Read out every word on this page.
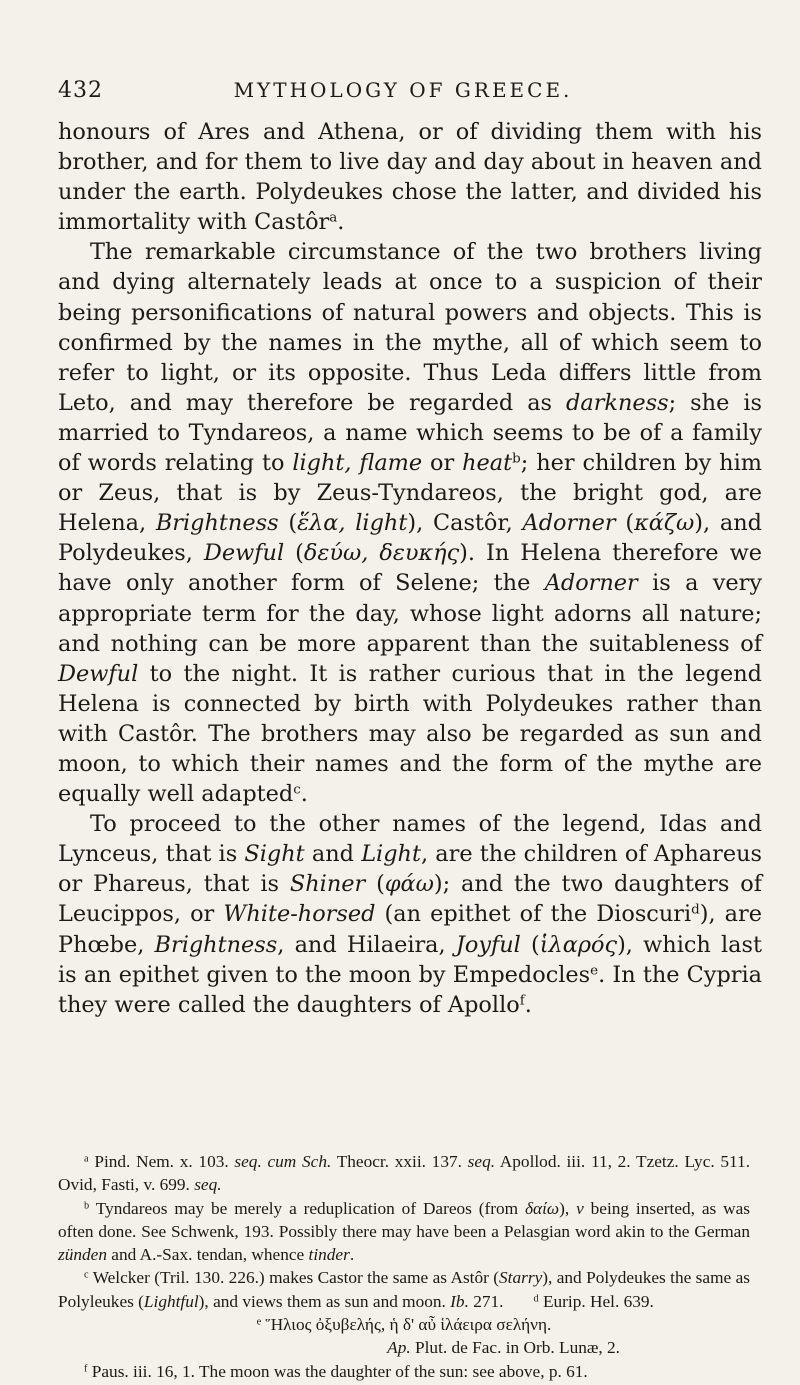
432	MYTHOLOGY OF GREECE.

honours of Ares and Athena, or of dividing them with his brother, and for them to live day and day about in heaven and under the earth. Polydeukes chose the latter, and divided his immortality with Castôr$^a$.

The remarkable circumstance of the two brothers living and dying alternately leads at once to a suspicion of their being personifications of natural powers and objects. This is confirmed by the names in the mythe, all of which seem to refer to light, or its opposite. Thus Leda differs little from Leto, and may therefore be regarded as darkness; she is married to Tyndareos, a name which seems to be of a family of words relating to light, flame or heat$^b$; her children by him or Zeus, that is by Zeus-Tyndareos, the bright god, are Helena, Brightness (ἕλα, light), Castôr, Adorner (κάζω), and Polydeukes, Dewful (δεύω, δευκής). In Helena therefore we have only another form of Selene; the Adorner is a very appropriate term for the day, whose light adorns all nature; and nothing can be more apparent than the suitableness of Dewful to the night. It is rather curious that in the legend Helena is connected by birth with Polydeukes rather than with Castôr. The brothers may also be regarded as sun and moon, to which their names and the form of the mythe are equally well adapted$^c$.

To proceed to the other names of the legend, Idas and Lynceus, that is Sight and Light, are the children of Aphareus or Phareus, that is Shiner (φάω); and the two daughters of Leucippos, or White-horsed (an epithet of the Dioscuri$^d$), are Phœbe, Brightness, and Hilaeira, Joyful (ἱλαρός), which last is an epithet given to the moon by Empedocles$^e$. In the Cypria they were called the daughters of Apollo$^f$.

$^a$ Pind. Nem. x. 103. seq. cum Sch. Theocr. xxii. 137. seq. Apollod. iii. 11, 2. Tzetz. Lyc. 511. Ovid, Fasti, v. 699. seq.

$^b$ Tyndareos may be merely a reduplication of Dareos (from δαίω), ν being inserted, as was often done. See Schwenk, 193. Possibly there may have been a Pelasgian word akin to the German zünden and A.-Sax. tendan, whence tinder.

$^c$ Welcker (Tril. 130. 226.) makes Castor the same as Astôr (Starry), and Polydeukes the same as Polyleukes (Lightful), and views them as sun and moon. Ib. 271.	$^d$ Eurip. Hel. 639.

$^e$ Ἥλιος ὀξυβελής, ἡ δ' αὖ ἱλάειρα σελήνη.

Ap. Plut. de Fac. in Orb. Lunæ, 2.

$^f$ Paus. iii. 16, 1. The moon was the daughter of the sun: see above, p. 61.
